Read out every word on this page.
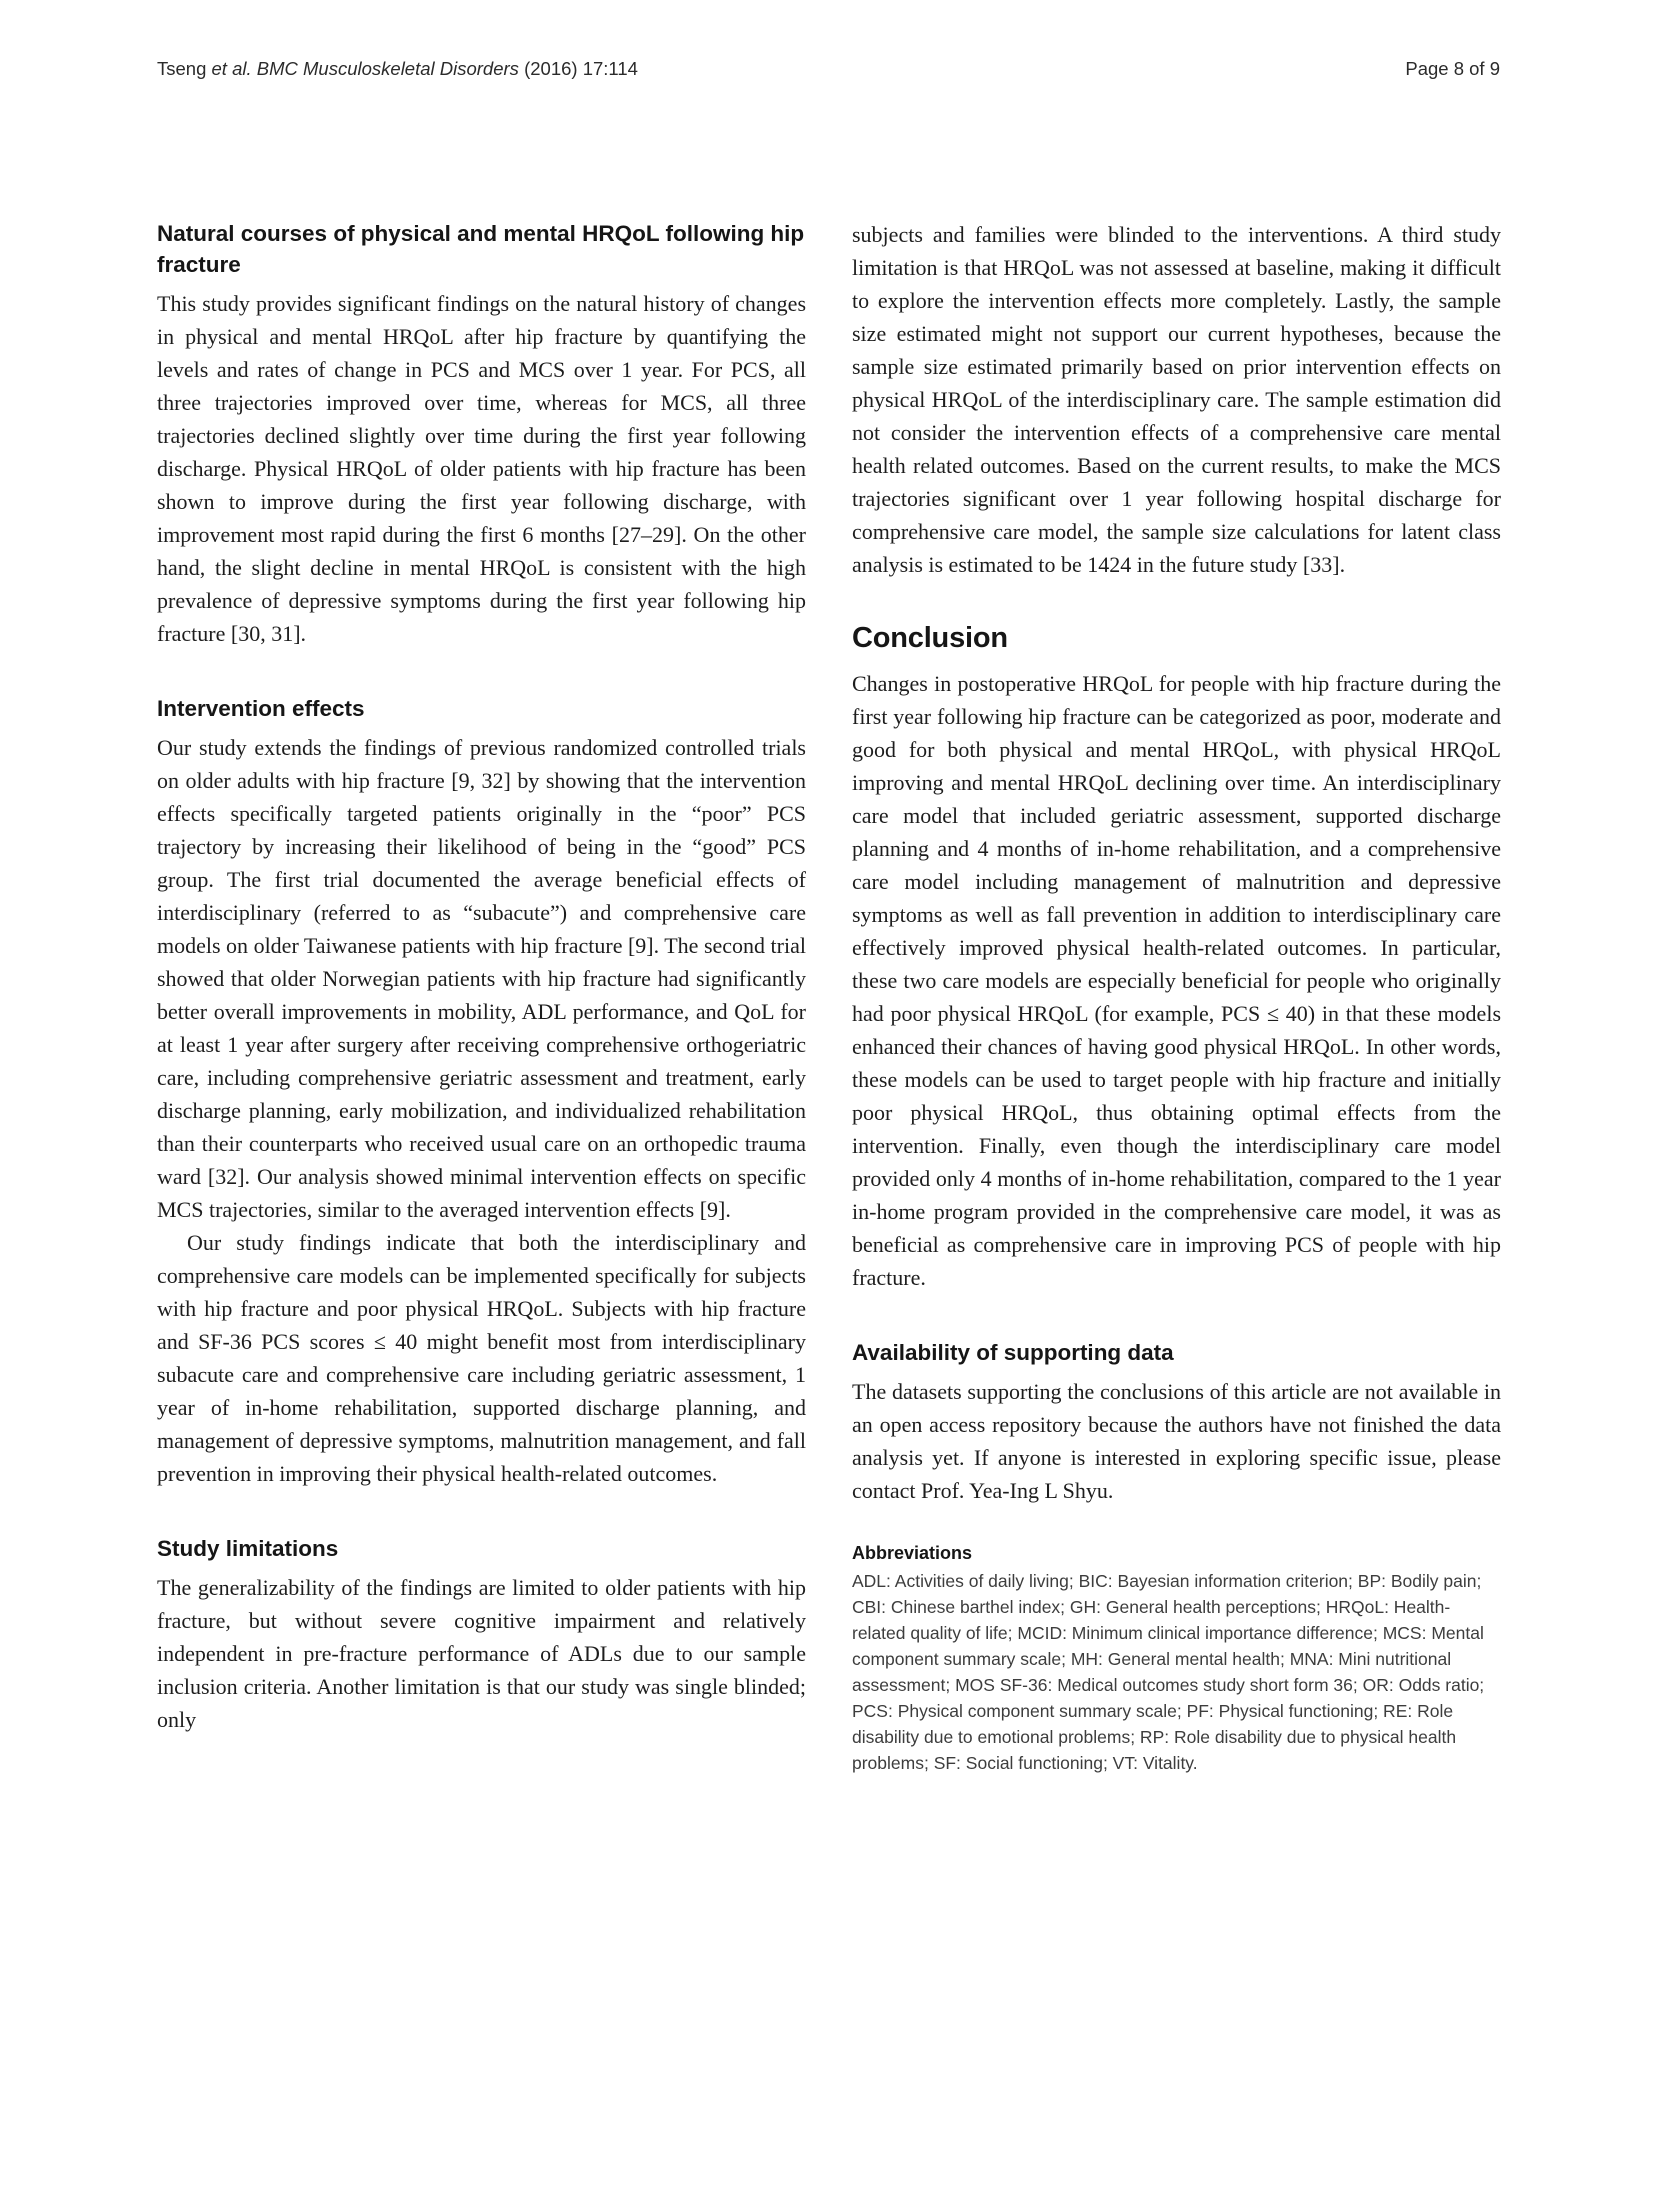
Tseng et al. BMC Musculoskeletal Disorders (2016) 17:114	Page 8 of 9
Natural courses of physical and mental HRQoL following hip fracture

This study provides significant findings on the natural history of changes in physical and mental HRQoL after hip fracture by quantifying the levels and rates of change in PCS and MCS over 1 year. For PCS, all three trajectories improved over time, whereas for MCS, all three trajectories declined slightly over time during the first year following discharge. Physical HRQoL of older patients with hip fracture has been shown to improve during the first year following discharge, with improvement most rapid during the first 6 months [27–29]. On the other hand, the slight decline in mental HRQoL is consistent with the high prevalence of depressive symptoms during the first year following hip fracture [30, 31].

Intervention effects

Our study extends the findings of previous randomized controlled trials on older adults with hip fracture [9, 32] by showing that the intervention effects specifically targeted patients originally in the “poor” PCS trajectory by increasing their likelihood of being in the “good” PCS group. The first trial documented the average beneficial effects of interdisciplinary (referred to as “subacute”) and comprehensive care models on older Taiwanese patients with hip fracture [9]. The second trial showed that older Norwegian patients with hip fracture had significantly better overall improvements in mobility, ADL performance, and QoL for at least 1 year after surgery after receiving comprehensive orthogeriatric care, including comprehensive geriatric assessment and treatment, early discharge planning, early mobilization, and individualized rehabilitation than their counterparts who received usual care on an orthopedic trauma ward [32]. Our analysis showed minimal intervention effects on specific MCS trajectories, similar to the averaged intervention effects [9].

Our study findings indicate that both the interdisciplinary and comprehensive care models can be implemented specifically for subjects with hip fracture and poor physical HRQoL. Subjects with hip fracture and SF-36 PCS scores ≤ 40 might benefit most from interdisciplinary subacute care and comprehensive care including geriatric assessment, 1 year of in-home rehabilitation, supported discharge planning, and management of depressive symptoms, malnutrition management, and fall prevention in improving their physical health-related outcomes.

Study limitations

The generalizability of the findings are limited to older patients with hip fracture, but without severe cognitive impairment and relatively independent in pre-fracture performance of ADLs due to our sample inclusion criteria. Another limitation is that our study was single blinded; only

subjects and families were blinded to the interventions. A third study limitation is that HRQoL was not assessed at baseline, making it difficult to explore the intervention effects more completely. Lastly, the sample size estimated might not support our current hypotheses, because the sample size estimated primarily based on prior intervention effects on physical HRQoL of the interdisciplinary care. The sample estimation did not consider the intervention effects of a comprehensive care mental health related outcomes. Based on the current results, to make the MCS trajectories significant over 1 year following hospital discharge for comprehensive care model, the sample size calculations for latent class analysis is estimated to be 1424 in the future study [33].

Conclusion

Changes in postoperative HRQoL for people with hip fracture during the first year following hip fracture can be categorized as poor, moderate and good for both physical and mental HRQoL, with physical HRQoL improving and mental HRQoL declining over time. An interdisciplinary care model that included geriatric assessment, supported discharge planning and 4 months of in-home rehabilitation, and a comprehensive care model including management of malnutrition and depressive symptoms as well as fall prevention in addition to interdisciplinary care effectively improved physical health-related outcomes. In particular, these two care models are especially beneficial for people who originally had poor physical HRQoL (for example, PCS ≤ 40) in that these models enhanced their chances of having good physical HRQoL. In other words, these models can be used to target people with hip fracture and initially poor physical HRQoL, thus obtaining optimal effects from the intervention. Finally, even though the interdisciplinary care model provided only 4 months of in-home rehabilitation, compared to the 1 year in-home program provided in the comprehensive care model, it was as beneficial as comprehensive care in improving PCS of people with hip fracture.

Availability of supporting data

The datasets supporting the conclusions of this article are not available in an open access repository because the authors have not finished the data analysis yet. If anyone is interested in exploring specific issue, please contact Prof. Yea-Ing L Shyu.

Abbreviations

ADL: Activities of daily living; BIC: Bayesian information criterion; BP: Bodily pain; CBI: Chinese barthel index; GH: General health perceptions; HRQoL: Health-related quality of life; MCID: Minimum clinical importance difference; MCS: Mental component summary scale; MH: General mental health; MNA: Mini nutritional assessment; MOS SF-36: Medical outcomes study short form 36; OR: Odds ratio; PCS: Physical component summary scale; PF: Physical functioning; RE: Role disability due to emotional problems; RP: Role disability due to physical health problems; SF: Social functioning; VT: Vitality.
